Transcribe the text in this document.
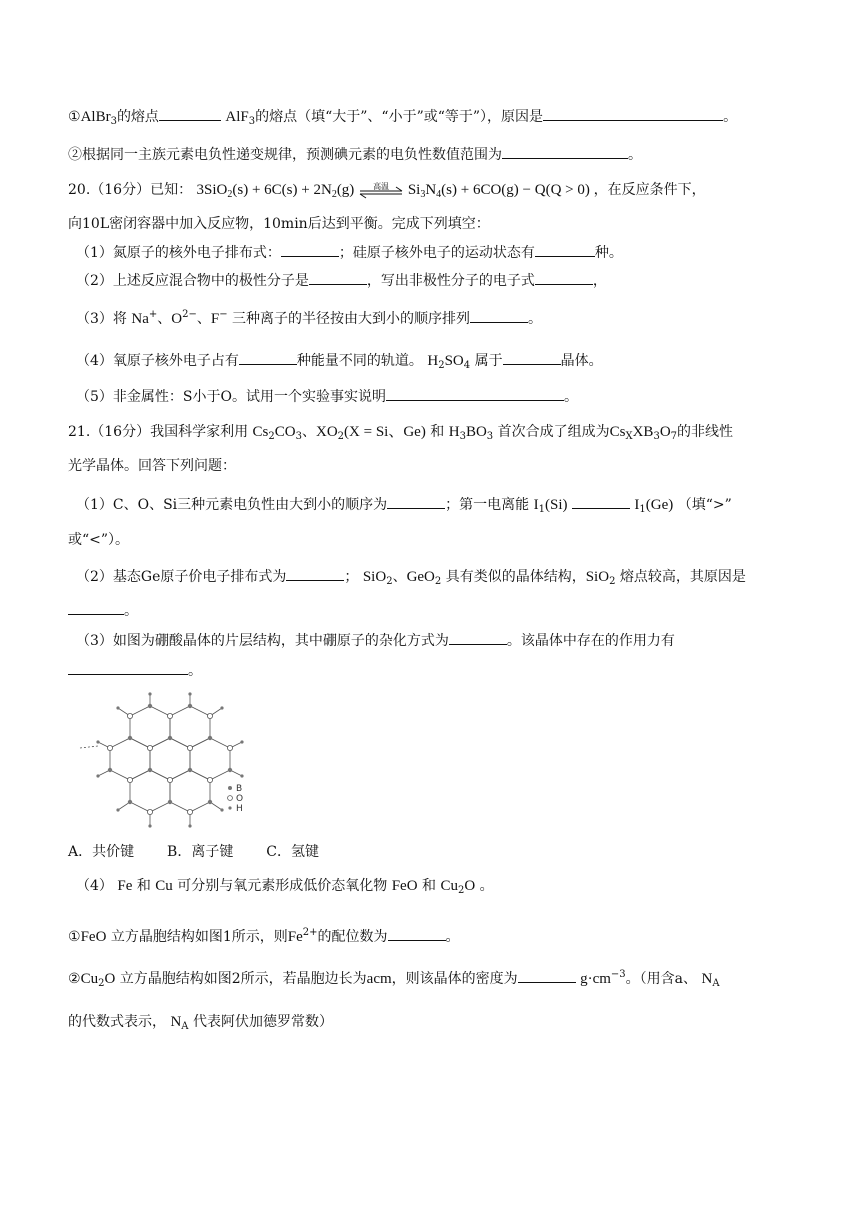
①AlBr$_3$的熔点	AlF$_3$的熔点（填“大于”、“小于”或“等于”），原因是	。
②根据同一主族元素电负性递变规律，预测碘元素的电负性数值范围为	。
20.（16分）已知： $3SiO_2(s) + 6C(s) + 2N_2(g)$	高温	$Si_3N_4(s) + 6CO(g) - Q(Q > 0)$ ，在反应条件下，
向10L密闭容器中加入反应物，10min后达到平衡。完成下列填空：
（1）氮原子的核外电子排布式：	；硅原子核外电子的运动状态有	种。
（2）上述反应混合物中的极性分子是	，写出非极性分子的电子式	，
（3）将 Na+、$O^{2-}$、F− 三种离子的半径按由大到小的顺序排列	。
（4）氧原子核外电子占有	种能量不同的轨道。 $H_2SO_4$ 属于	晶体。
（5）非金属性：S小于O。试用一个实验事实说明	。
21.（16分）我国科学家利用 $Cs_2CO_3$、$XO_2(X = Si$、Ge) 和 $H_3BO_3$ 首次合成了组成为$Cs_XXB_3O_7$的非线性
光学晶体。回答下列问题：
（1）C、O、Si三种元素电负性由大到小的顺序为	；第一电离能 $I_1(Si)$	$I_1(Ge)$ （填“>”
或“<”）。
（2）基态Ge原子价电子排布式为	； SiO$_2$、GeO$_2$ 具有类似的晶体结构，SiO$_2$ 熔点较高，其原因是
。
（3）如图为硼酸晶体的片层结构，其中硼原子的杂化方式为	。该晶体中存在的作用力有
。
B
O
H
A．共价键 B．离子键 C．氢键
（4） Fe 和 Cu 可分别与氧元素形成低价态氧化物 FeO 和 $Cu_2O$ 。
①FeO 立方晶胞结构如图1所示，则$Fe^{2+}$的配位数为	。
$②Cu_2O$ 立方晶胞结构如图2所示，若晶胞边长为acm，则该晶体的密度为	$g\cdot cm^{-3}$。（用含a、 $N_A$
的代数式表示， $N_A$ 代表阿伏加德罗常数）
